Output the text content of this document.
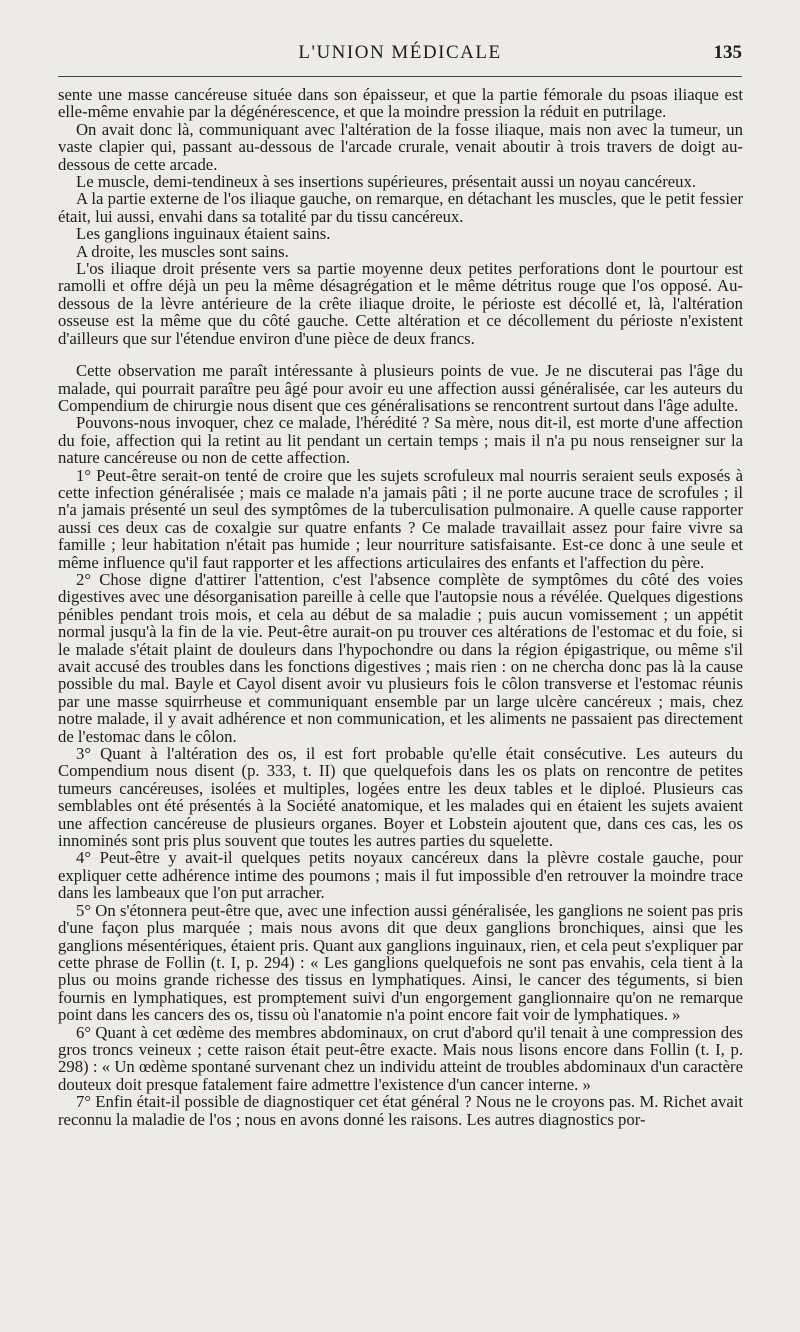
L'UNION MÉDICALE	135

sente une masse cancéreuse située dans son épaisseur, et que la partie fémorale du psoas iliaque est elle-même envahie par la dégénérescence, et que la moindre pression la réduit en putrilage.

On avait donc là, communiquant avec l'altération de la fosse iliaque, mais non avec la tumeur, un vaste clapier qui, passant au-dessous de l'arcade crurale, venait aboutir à trois travers de doigt au-dessous de cette arcade.

Le muscle, demi-tendineux à ses insertions supérieures, présentait aussi un noyau cancéreux.

A la partie externe de l'os iliaque gauche, on remarque, en détachant les muscles, que le petit fessier était, lui aussi, envahi dans sa totalité par du tissu cancéreux.

Les ganglions inguinaux étaient sains.

A droite, les muscles sont sains.

L'os iliaque droit présente vers sa partie moyenne deux petites perforations dont le pourtour est ramolli et offre déjà un peu la même désagrégation et le même détritus rouge que l'os opposé. Au-dessous de la lèvre antérieure de la crête iliaque droite, le périoste est décollé et, là, l'altération osseuse est la même que du côté gauche. Cette altération et ce décollement du périoste n'existent d'ailleurs que sur l'étendue environ d'une pièce de deux francs.

Cette observation me paraît intéressante à plusieurs points de vue. Je ne discuterai pas l'âge du malade, qui pourrait paraître peu âgé pour avoir eu une affection aussi généralisée, car les auteurs du Compendium de chirurgie nous disent que ces généralisations se rencontrent surtout dans l'âge adulte.

Pouvons-nous invoquer, chez ce malade, l'hérédité ? Sa mère, nous dit-il, est morte d'une affection du foie, affection qui la retint au lit pendant un certain temps ; mais il n'a pu nous renseigner sur la nature cancéreuse ou non de cette affection.

1° Peut-être serait-on tenté de croire que les sujets scrofuleux mal nourris seraient seuls exposés à cette infection généralisée ; mais ce malade n'a jamais pâti ; il ne porte aucune trace de scrofules ; il n'a jamais présenté un seul des symptômes de la tuberculisation pulmonaire. A quelle cause rapporter aussi ces deux cas de coxalgie sur quatre enfants ? Ce malade travaillait assez pour faire vivre sa famille ; leur habitation n'était pas humide ; leur nourriture satisfaisante. Est-ce donc à une seule et même influence qu'il faut rapporter et les affections articulaires des enfants et l'affection du père.

2° Chose digne d'attirer l'attention, c'est l'absence complète de symptômes du côté des voies digestives avec une désorganisation pareille à celle que l'autopsie nous a révélée. Quelques digestions pénibles pendant trois mois, et cela au début de sa maladie ; puis aucun vomissement ; un appétit normal jusqu'à la fin de la vie. Peut-être aurait-on pu trouver ces altérations de l'estomac et du foie, si le malade s'était plaint de douleurs dans l'hypochondre ou dans la région épigastrique, ou même s'il avait accusé des troubles dans les fonctions digestives ; mais rien : on ne chercha donc pas là la cause possible du mal. Bayle et Cayol disent avoir vu plusieurs fois le côlon transverse et l'estomac réunis par une masse squirrheuse et communiquant ensemble par un large ulcère cancéreux ; mais, chez notre malade, il y avait adhérence et non communication, et les aliments ne passaient pas directement de l'estomac dans le côlon.

3° Quant à l'altération des os, il est fort probable qu'elle était consécutive. Les auteurs du Compendium nous disent (p. 333, t. II) que quelquefois dans les os plats on rencontre de petites tumeurs cancéreuses, isolées et multiples, logées entre les deux tables et le diploé. Plusieurs cas semblables ont été présentés à la Société anatomique, et les malades qui en étaient les sujets avaient une affection cancéreuse de plusieurs organes. Boyer et Lobstein ajoutent que, dans ces cas, les os innominés sont pris plus souvent que toutes les autres parties du squelette.

4° Peut-être y avait-il quelques petits noyaux cancéreux dans la plèvre costale gauche, pour expliquer cette adhérence intime des poumons ; mais il fut impossible d'en retrouver la moindre trace dans les lambeaux que l'on put arracher.

5° On s'étonnera peut-être que, avec une infection aussi généralisée, les ganglions ne soient pas pris d'une façon plus marquée ; mais nous avons dit que deux ganglions bronchiques, ainsi que les ganglions mésentériques, étaient pris. Quant aux ganglions inguinaux, rien, et cela peut s'expliquer par cette phrase de Follin (t. I, p. 294) : « Les ganglions quelquefois ne sont pas envahis, cela tient à la plus ou moins grande richesse des tissus en lymphatiques. Ainsi, le cancer des téguments, si bien fournis en lymphatiques, est promptement suivi d'un engorgement ganglionnaire qu'on ne remarque point dans les cancers des os, tissu où l'anatomie n'a point encore fait voir de lymphatiques. »

6° Quant à cet œdème des membres abdominaux, on crut d'abord qu'il tenait à une compression des gros troncs veineux ; cette raison était peut-être exacte. Mais nous lisons encore dans Follin (t. I, p. 298) : « Un œdème spontané survenant chez un individu atteint de troubles abdominaux d'un caractère douteux doit presque fatalement faire admettre l'existence d'un cancer interne. »

7° Enfin était-il possible de diagnostiquer cet état général ? Nous ne le croyons pas. M. Richet avait reconnu la maladie de l'os ; nous en avons donné les raisons. Les autres diagnostics por-
